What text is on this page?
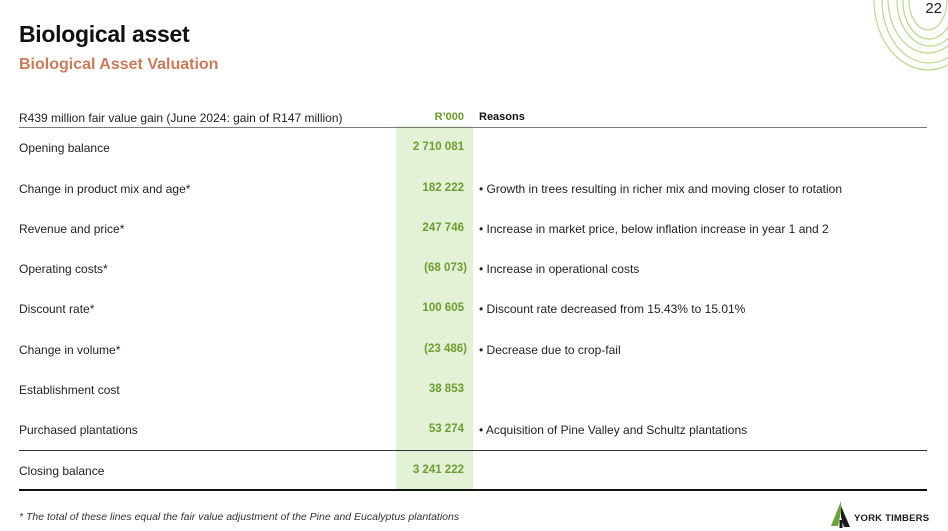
22
Biological asset
Biological Asset Valuation
R439 million fair value gain (June 2024: gain of R147 million)	R’000 Reasons
Opening balance	2 710 081
Change in product mix and age*	182 222 • Growth in trees resulting in richer mix and moving closer to rotation
Revenue and price*	247 746 • Increase in market price, below inflation increase in year 1 and 2
Operating costs*	(68 073) • Increase in operational costs
Discount rate*	100 605 • Discount rate decreased from 15.43% to 15.01%
Change in volume*	(23 486) • Decrease due to crop-fail
Establishment cost	38 853
Purchased plantations	53 274 • Acquisition of Pine Valley and Schultz plantations
Closing balance	3 241 222
* The total of these lines equal the fair value adjustment of the Pine and Eucalyptus plantations	YORK TIMBERS
